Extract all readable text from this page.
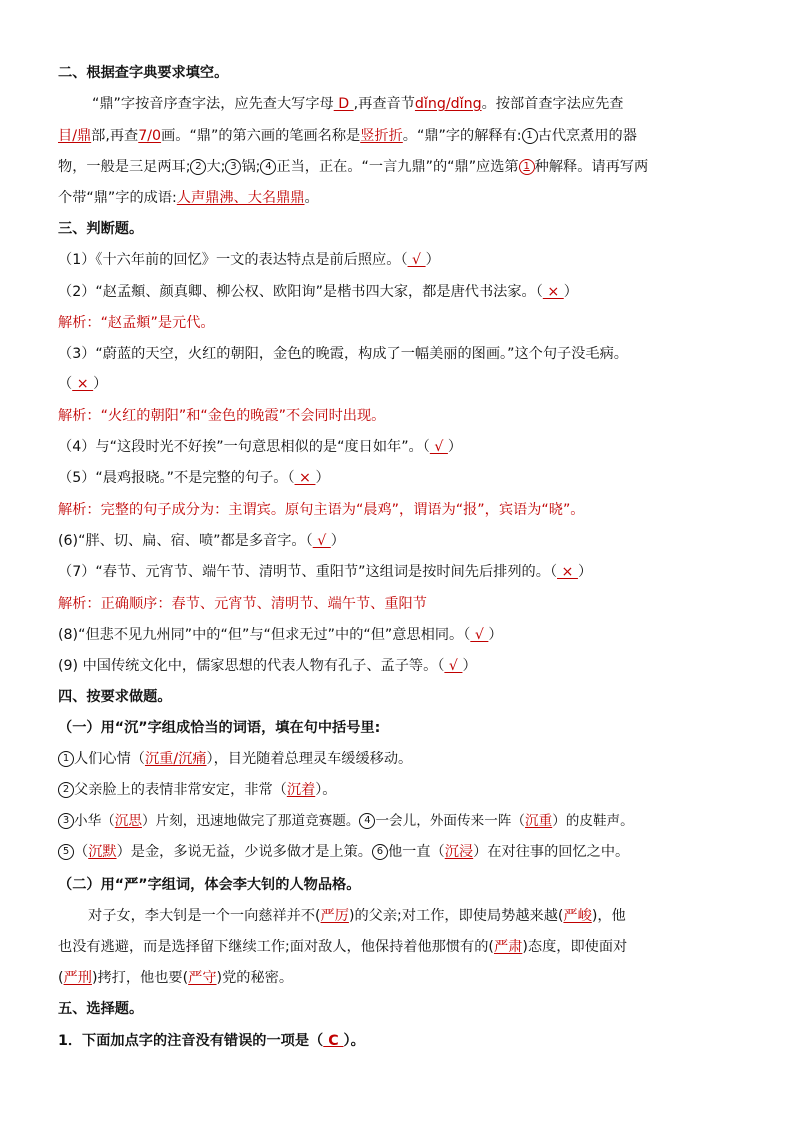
二、根据查字典要求填空。
“鼎”字按音序查字法，应先查大写字母 D ,再查音节dǐng/dǐng。按部首查字法应先查
目/鼎部,再查7/0画。“鼎”的第六画的笔画名称是竖折折。“鼎”字的解释有: 1 古代烹煮用的器
物，一般是三足两耳; 2 大; 3 锅; 4 正当，正在。“一言九鼎”的“鼎”应选第 1 种解释。请再写两
个带“鼎”字的成语:人声鼎沸、大名鼎鼎。
三、判断题。
（1）《十六年前的回忆》一文的表达特点是前后照应。（ √ ）
（2）“赵孟頫、颜真卿、柳公权、欧阳询”是楷书四大家，都是唐代书法家。（ × ）
解析：“赵孟頫”是元代。
（3）“蔚蓝的天空，火红的朝阳，金色的晚霞，构成了一幅美丽的图画。”这个句子没毛病。
（ × ）
解析：“火红的朝阳”和“金色的晚霞”不会同时出现。
（4）与“这段时光不好挨”一句意思相似的是“度日如年”。（ √ ）
（5）“晨鸡报晓。”不是完整的句子。（ × ）
解析：完整的句子成分为：主谓宾。原句主语为“晨鸡”，谓语为“报”，宾语为“晓”。
(6)“胖、切、扁、宿、喷”都是多音字。（ √ ）
（7）“春节、元宵节、端午节、清明节、重阳节”这组词是按时间先后排列的。（ × ）
解析：正确顺序：春节、元宵节、清明节、端午节、重阳节
(8)“但悲不见九州同”中的“但”与“但求无过”中的“但”意思相同。（ √ ）
(9) 中国传统文化中，儒家思想的代表人物有孔子、孟子等。（ √ ）
四、按要求做题。
（一）用“沉”字组成恰当的词语，填在句中括号里:
1 人们心情（沉重/沉痛），目光随着总理灵车缓缓移动。
2 父亲脸上的表情非常安定，非常（沉着）。
3 小华（沉思）片刻，迅速地做完了那道竞赛题。 4 一会儿，外面传来一阵（沉重）的皮鞋声。
5 （沉默）是金，多说无益，少说多做才是上策。 6 他一直（沉浸）在对往事的回忆之中。
（二）用“严”字组词，体会李大钊的人物品格。
对子女，李大钊是一个一向慈祥并不(严厉)的父亲;对工作，即使局势越来越(严峻)，他
也没有逃避，而是选择留下继续工作;面对敌人，他保持着他那惯有的(严肃)态度，即使面对
(严刑)拷打，他也要(严守)党的秘密。
五、选择题。
1．下面加点字的注音没有错误的一项是（ C ）。
